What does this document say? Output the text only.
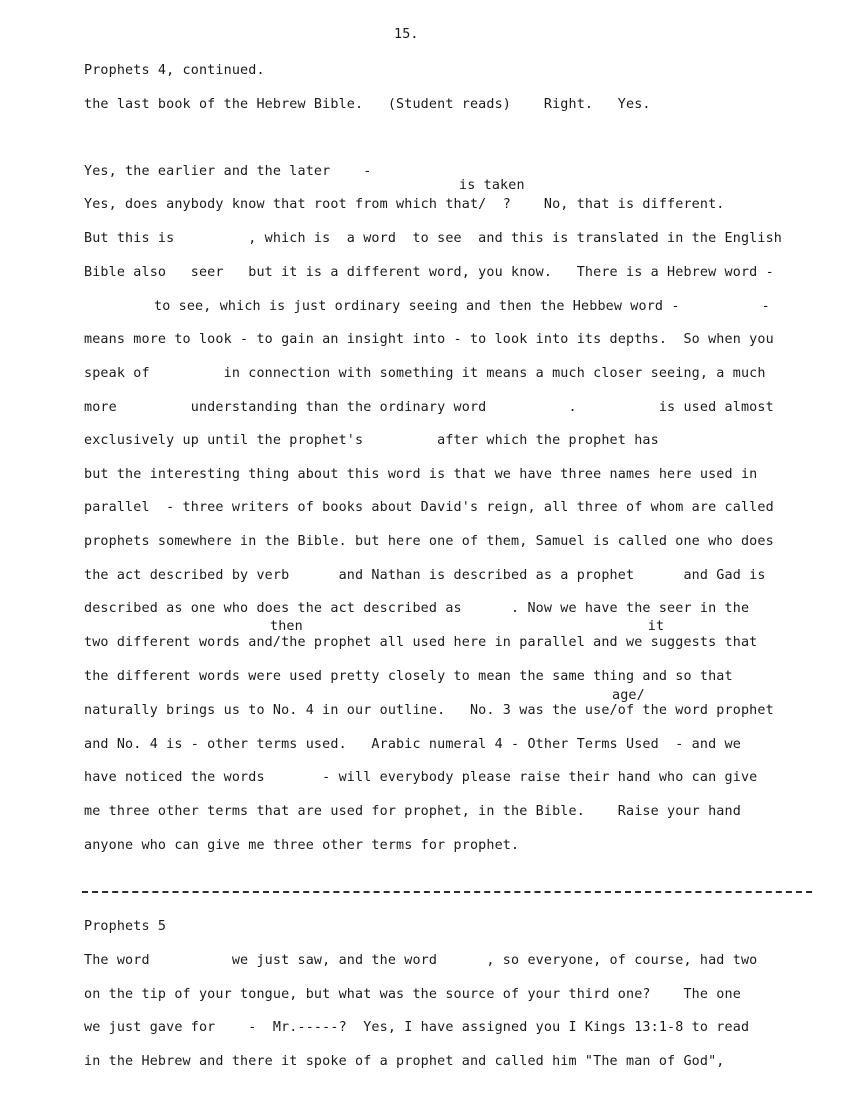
15.
Prophets 4, continued.
the last book of the Hebrew Bible.   (Student reads)    Right.   Yes.
Yes, the earlier and the later    -
is taken
Yes, does anybody know that root from which that/  ?    No, that is different.
But this is         , which is  a word  to see  and this is translated in the English
Bible also   seer   but it is a different word, you know.   There is a Hebrew word -
to see, which is just ordinary seeing and then the Hebbew word -          -
means more to look - to gain an insight into - to look into its depths.  So when you
speak of         in connection with something it means a much closer seeing, a much
more         understanding than the ordinary word          .          is used almost
exclusively up until the prophet's         after which the prophet has
but the interesting thing about this word is that we have three names here used in
parallel  - three writers of books about David's reign, all three of whom are called
prophets somewhere in the Bible. but here one of them, Samuel is called one who does
the act described by verb      and Nathan is described as a prophet      and Gad is
described as one who does the act described as      . Now we have the seer in the
then                                          it
two different words and/the prophet all used here in parallel and we suggests that
the different words were used pretty closely to mean the same thing and so that
age/
naturally brings us to No. 4 in our outline.   No. 3 was the use/of the word prophet
and No. 4 is - other terms used.   Arabic numeral 4 - Other Terms Used  - and we
have noticed the words       - will everybody please raise their hand who can give
me three other terms that are used for prophet, in the Bible.    Raise your hand
anyone who can give me three other terms for prophet.
Prophets 5
The word          we just saw, and the word      , so everyone, of course, had two
on the tip of your tongue, but what was the source of your third one?    The one
we just gave for    -  Mr.-----?  Yes, I have assigned you I Kings 13:1-8 to read
in the Hebrew and there it spoke of a prophet and called him "The man of God",
